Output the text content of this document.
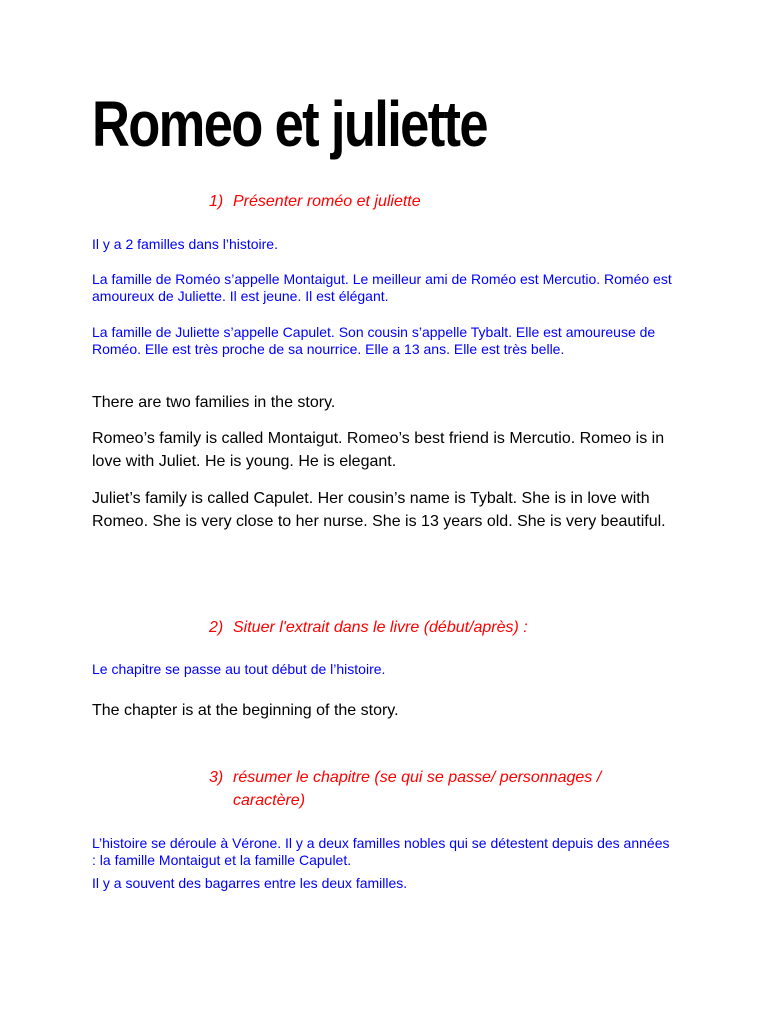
Romeo et juliette
1) Présenter roméo et juliette

Il y a 2 familles dans l’histoire.

La famille de Roméo s’appelle Montaigut. Le meilleur ami de Roméo est Mercutio. Roméo est amoureux de Juliette. Il est jeune. Il est élégant.

La famille de Juliette s’appelle Capulet. Son cousin s’appelle Tybalt. Elle est amoureuse de Roméo. Elle est très proche de sa nourrice. Elle a 13 ans. Elle est très belle.

There are two families in the story.

Romeo’s family is called Montaigut. Romeo’s best friend is Mercutio. Romeo is in love with Juliet. He is young. He is elegant.

Juliet’s family is called Capulet. Her cousin’s name is Tybalt. She is in love with Romeo. She is very close to her nurse. She is 13 years old. She is very beautiful.

2) Situer l'extrait dans le livre (début/après) :

Le chapitre se passe au tout début de l’histoire.

The chapter is at the beginning of the story.

3) résumer le chapitre (se qui se passe/ personnages / caractère)

L’histoire se déroule à Vérone. Il y a deux familles nobles qui se détestent depuis des années : la famille Montaigut et la famille Capulet.

Il y a souvent des bagarres entre les deux familles.
